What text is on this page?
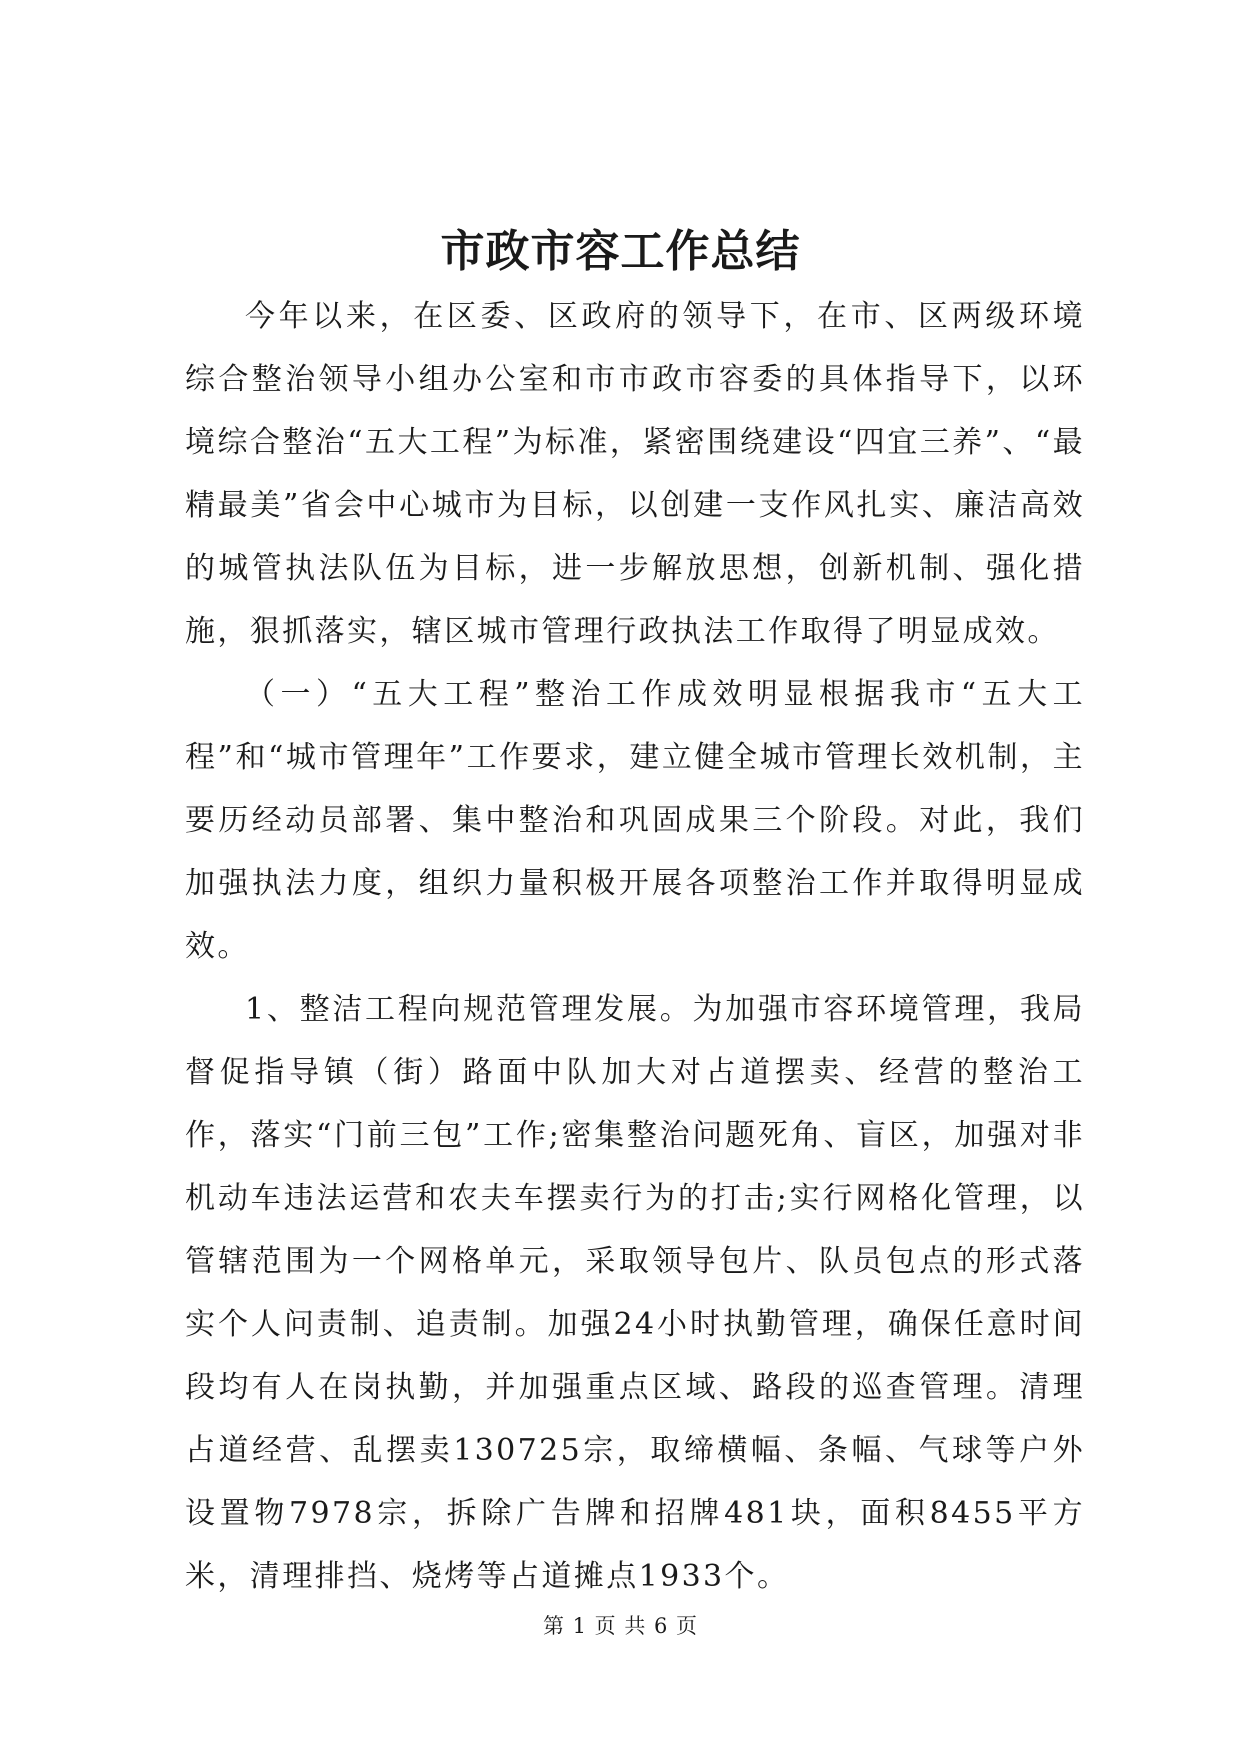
市政市容工作总结

今年以来，在区委、区政府的领导下，在市、区两级环境综合整治领导小组办公室和市市政市容委的具体指导下，以环境综合整治“五大工程”为标准，紧密围绕建设“四宜三养”、“最精最美”省会中心城市为目标，以创建一支作风扎实、廉洁高效的城管执法队伍为目标，进一步解放思想，创新机制、强化措施，狠抓落实，辖区城市管理行政执法工作取得了明显成效。

（一）“五大工程”整治工作成效明显根据我市“五大工程”和“城市管理年”工作要求，建立健全城市管理长效机制，主要历经动员部署、集中整治和巩固成果三个阶段。对此，我们加强执法力度，组织力量积极开展各项整治工作并取得明显成效。

1、整洁工程向规范管理发展。为加强市容环境管理，我局督促指导镇（街）路面中队加大对占道摆卖、经营的整治工作，落实“门前三包”工作;密集整治问题死角、盲区，加强对非机动车违法运营和农夫车摆卖行为的打击;实行网格化管理，以管辖范围为一个网格单元，采取领导包片、队员包点的形式落实个人问责制、追责制。加强24小时执勤管理，确保任意时间段均有人在岗执勤，并加强重点区域、路段的巡查管理。清理占道经营、乱摆卖130725宗，取缔横幅、条幅、气球等户外设置物7978宗，拆除广告牌和招牌481块，面积8455平方米，清理排挡、烧烤等占道摊点1933个。

第 1 页 共 6 页
